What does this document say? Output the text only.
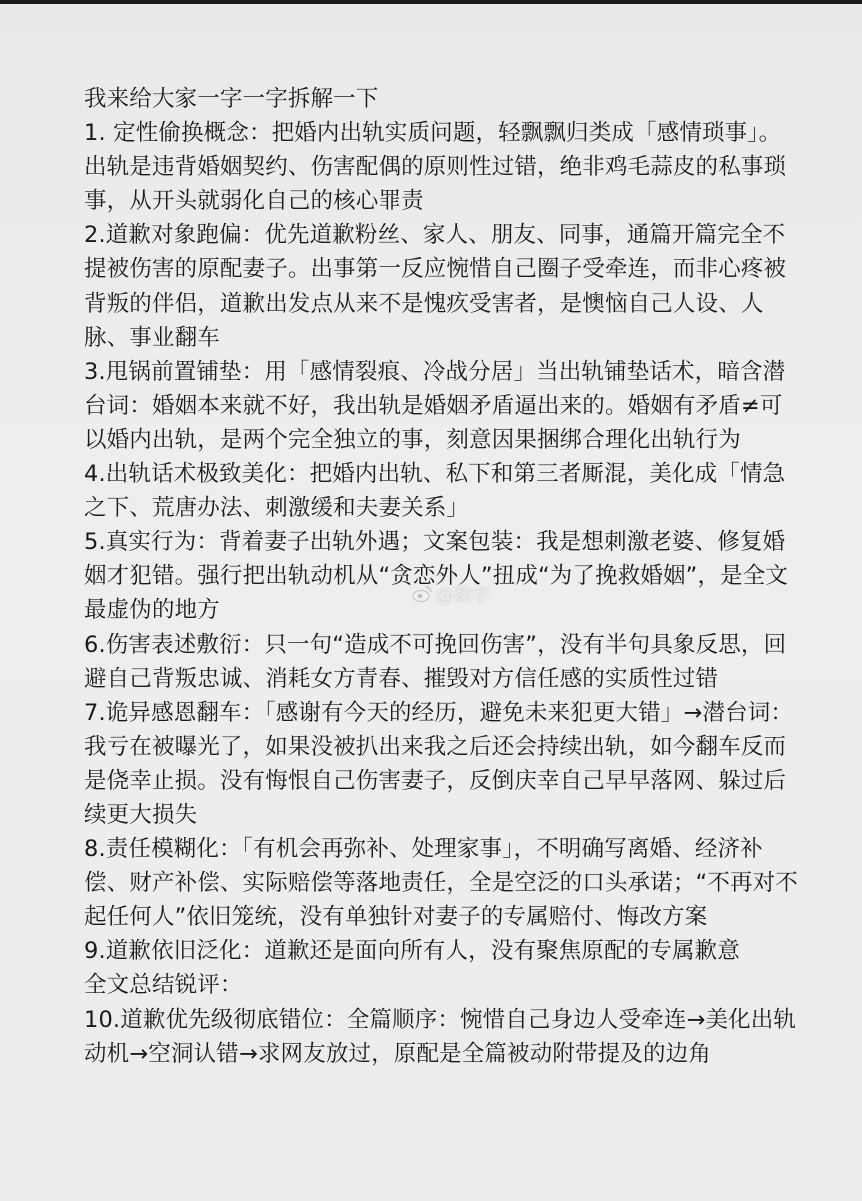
我来给大家一字一字拆解一下

1. 定性偷换概念：把婚内出轨实质问题，轻飘飘归类成「感情琐事」。出轨是违背婚姻契约、伤害配偶的原则性过错，绝非鸡毛蒜皮的私事琐事，从开头就弱化自己的核心罪责

2.道歉对象跑偏：优先道歉粉丝、家人、朋友、同事，通篇开篇完全不提被伤害的原配妻子。出事第一反应惋惜自己圈子受牵连，而非心疼被背叛的伴侣，道歉出发点从来不是愧疚受害者，是懊恼自己人设、人脉、事业翻车

3.甩锅前置铺垫：用「感情裂痕、冷战分居」当出轨铺垫话术，暗含潜台词：婚姻本来就不好，我出轨是婚姻矛盾逼出来的。婚姻有矛盾≠可以婚内出轨，是两个完全独立的事，刻意因果捆绑合理化出轨行为

4.出轨话术极致美化：把婚内出轨、私下和第三者厮混，美化成「情急之下、荒唐办法、刺激缓和夫妻关系」

5.真实行为：背着妻子出轨外遇；文案包装：我是想刺激老婆、修复婚姻才犯错。强行把出轨动机从“贪恋外人”扭成“为了挽救婚姻”，是全文最虚伪的地方

6.伤害表述敷衍：只一句“造成不可挽回伤害”，没有半句具象反思，回避自己背叛忠诚、消耗女方青春、摧毁对方信任感的实质性过错

7.诡异感恩翻车：「感谢有今天的经历，避免未来犯更大错」→潜台词：我亏在被曝光了，如果没被扒出来我之后还会持续出轨，如今翻车反而是侥幸止损。没有悔恨自己伤害妻子，反倒庆幸自己早早落网、躲过后续更大损失

8.责任模糊化：「有机会再弥补、处理家事」，不明确写离婚、经济补偿、财产补偿、实际赔偿等落地责任，全是空泛的口头承诺；“不再对不起任何人”依旧笼统，没有单独针对妻子的专属赔付、悔改方案

9.道歉依旧泛化：道歉还是面向所有人，没有聚焦原配的专属歉意

全文总结锐评：

10.道歉优先级彻底错位：全篇顺序：惋惜自己身边人受牵连→美化出轨动机→空洞认错→求网友放过，原配是全篇被动附带提及的边角

@数字
